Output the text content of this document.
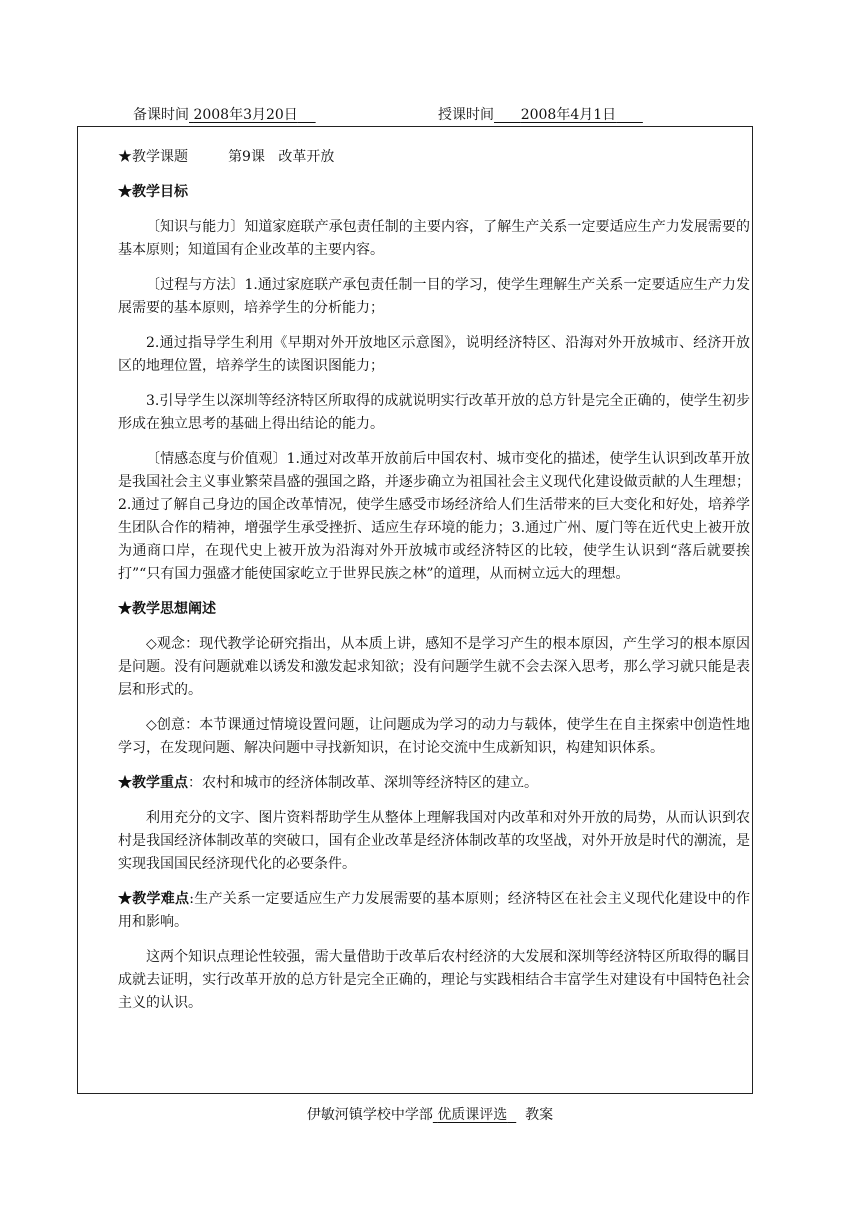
备课时间 2008年3月20日	授课时间 2008年4月1日

★教学课题	第9课 改革开放

★教学目标

〔知识与能力〕知道家庭联产承包责任制的主要内容，了解生产关系一定要适应生产力发展需要的基本原则；知道国有企业改革的主要内容。

〔过程与方法〕1.通过家庭联产承包责任制一目的学习，使学生理解生产关系一定要适应生产力发展需要的基本原则，培养学生的分析能力；

2.通过指导学生利用《早期对外开放地区示意图》，说明经济特区、沿海对外开放城市、经济开放区的地理位置，培养学生的读图识图能力；

3.引导学生以深圳等经济特区所取得的成就说明实行改革开放的总方针是完全正确的，使学生初步形成在独立思考的基础上得出结论的能力。

〔情感态度与价值观〕1.通过对改革开放前后中国农村、城市变化的描述，使学生认识到改革开放是我国社会主义事业繁荣昌盛的强国之路，并逐步确立为祖国社会主义现代化建设做贡献的人生理想；2.通过了解自己身边的国企改革情况，使学生感受市场经济给人们生活带来的巨大变化和好处，培养学生团队合作的精神，增强学生承受挫折、适应生存环境的能力；3.通过广州、厦门等在近代史上被开放为通商口岸，在现代史上被开放为沿海对外开放城市或经济特区的比较，使学生认识到“落后就要挨打”“只有国力强盛才能使国家屹立于世界民族之林”的道理，从而树立远大的理想。

★教学思想阐述

◇观念：现代教学论研究指出，从本质上讲，感知不是学习产生的根本原因，产生学习的根本原因是问题。没有问题就难以诱发和激发起求知欲；没有问题学生就不会去深入思考，那么学习就只能是表层和形式的。

◇创意：本节课通过情境设置问题，让问题成为学习的动力与载体，使学生在自主探索中创造性地学习，在发现问题、解决问题中寻找新知识，在讨论交流中生成新知识，构建知识体系。

★教学重点：农村和城市的经济体制改革、深圳等经济特区的建立。

利用充分的文字、图片资料帮助学生从整体上理解我国对内改革和对外开放的局势，从而认识到农村是我国经济体制改革的突破口，国有企业改革是经济体制改革的攻坚战，对外开放是时代的潮流，是实现我国国民经济现代化的必要条件。

★教学难点:生产关系一定要适应生产力发展需要的基本原则；经济特区在社会主义现代化建设中的作用和影响。

这两个知识点理论性较强，需大量借助于改革后农村经济的大发展和深圳等经济特区所取得的瞩目成就去证明，实行改革开放的总方针是完全正确的，理论与实践相结合丰富学生对建设有中国特色社会主义的认识。

伊敏河镇学校中学部 优质课评选 教案
